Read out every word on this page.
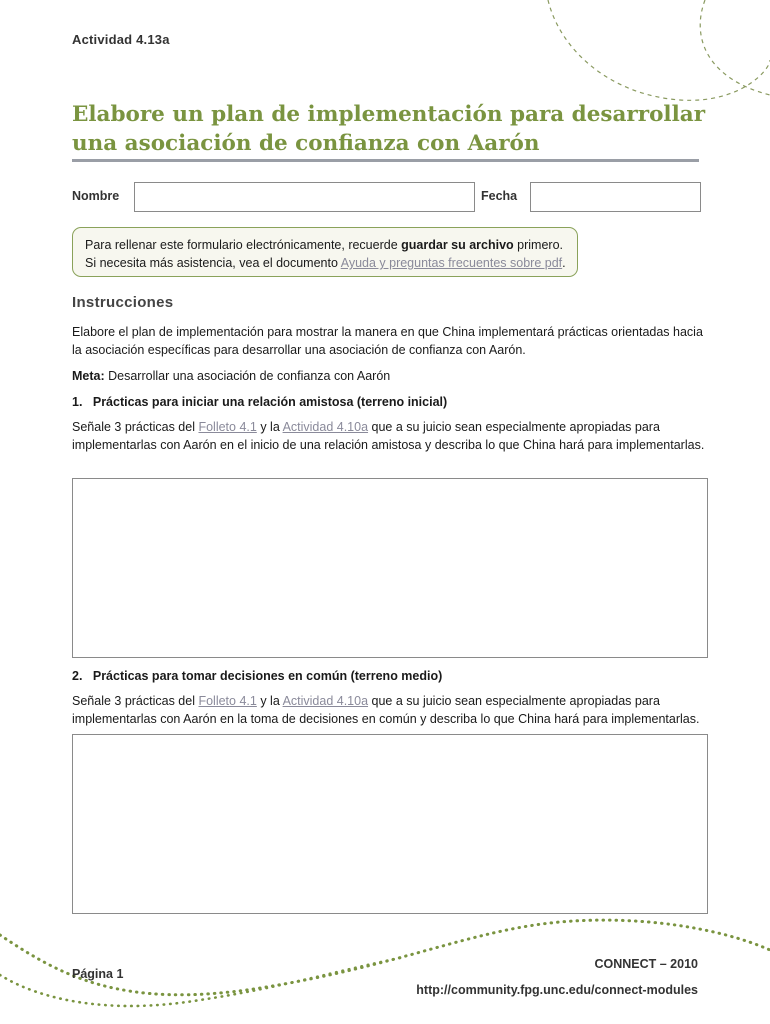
Actividad 4.13a
Elabore un plan de implementación para desarrollar
una asociación de confianza con Aarón
Nombre	Fecha
Para rellenar este formulario electrónicamente, recuerde guardar su archivo primero.
Si necesita más asistencia, vea el documento Ayuda y preguntas frecuentes sobre pdf.
Instrucciones
Elabore el plan de implementación para mostrar la manera en que China implementará prácticas orientadas hacia la asociación específicas para desarrollar una asociación de confianza con Aarón.
Meta: Desarrollar una asociación de confianza con Aarón
1. Prácticas para iniciar una relación amistosa (terreno inicial)
Señale 3 prácticas del Folleto 4.1 y la Actividad 4.10a que a su juicio sean especialmente apropiadas para implementarlas con Aarón en el inicio de una relación amistosa y describa lo que China hará para implementarlas.
2. Prácticas para tomar decisiones en común (terreno medio)
Señale 3 prácticas del Folleto 4.1 y la Actividad 4.10a que a su juicio sean especialmente apropiadas para implementarlas con Aarón en la toma de decisiones en común y describa lo que China hará para implementarlas.
Página 1
CONNECT – 2010
http://community.fpg.unc.edu/connect-modules
